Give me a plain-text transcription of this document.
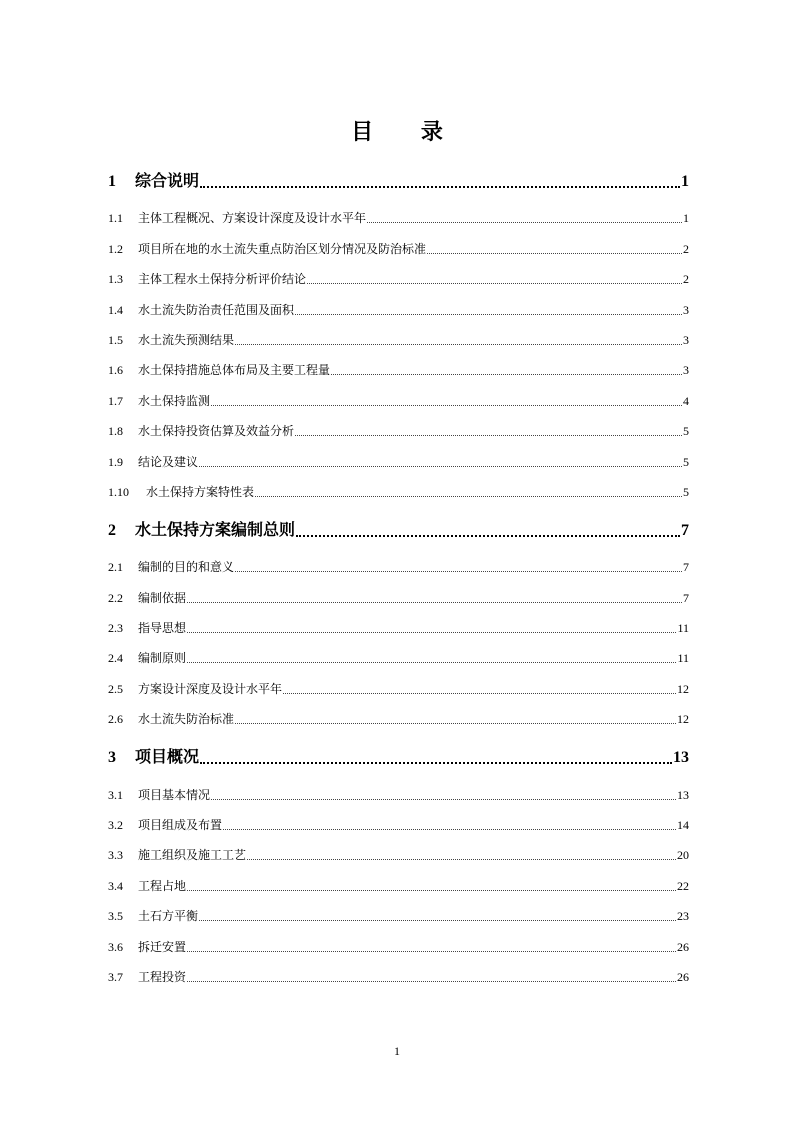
目 录
1	综合说明	1
1.1	主体工程概况、方案设计深度及设计水平年	1
1.2	项目所在地的水土流失重点防治区划分情况及防治标准	2
1.3	主体工程水土保持分析评价结论	2
1.4	水土流失防治责任范围及面积	3
1.5	水土流失预测结果	3
1.6	水土保持措施总体布局及主要工程量	3
1.7	水土保持监测	4
1.8	水土保持投资估算及效益分析	5
1.9	结论及建议	5
1.10	水土保持方案特性表	5
2	水土保持方案编制总则	7
2.1	编制的目的和意义	7
2.2	编制依据	7
2.3	指导思想	11
2.4	编制原则	11
2.5	方案设计深度及设计水平年	12
2.6	水土流失防治标准	12
3	项目概况	13
3.1	项目基本情况	13
3.2	项目组成及布置	14
3.3	施工组织及施工工艺	20
3.4	工程占地	22
3.5	土石方平衡	23
3.6	拆迁安置	26
3.7	工程投资	26
1
